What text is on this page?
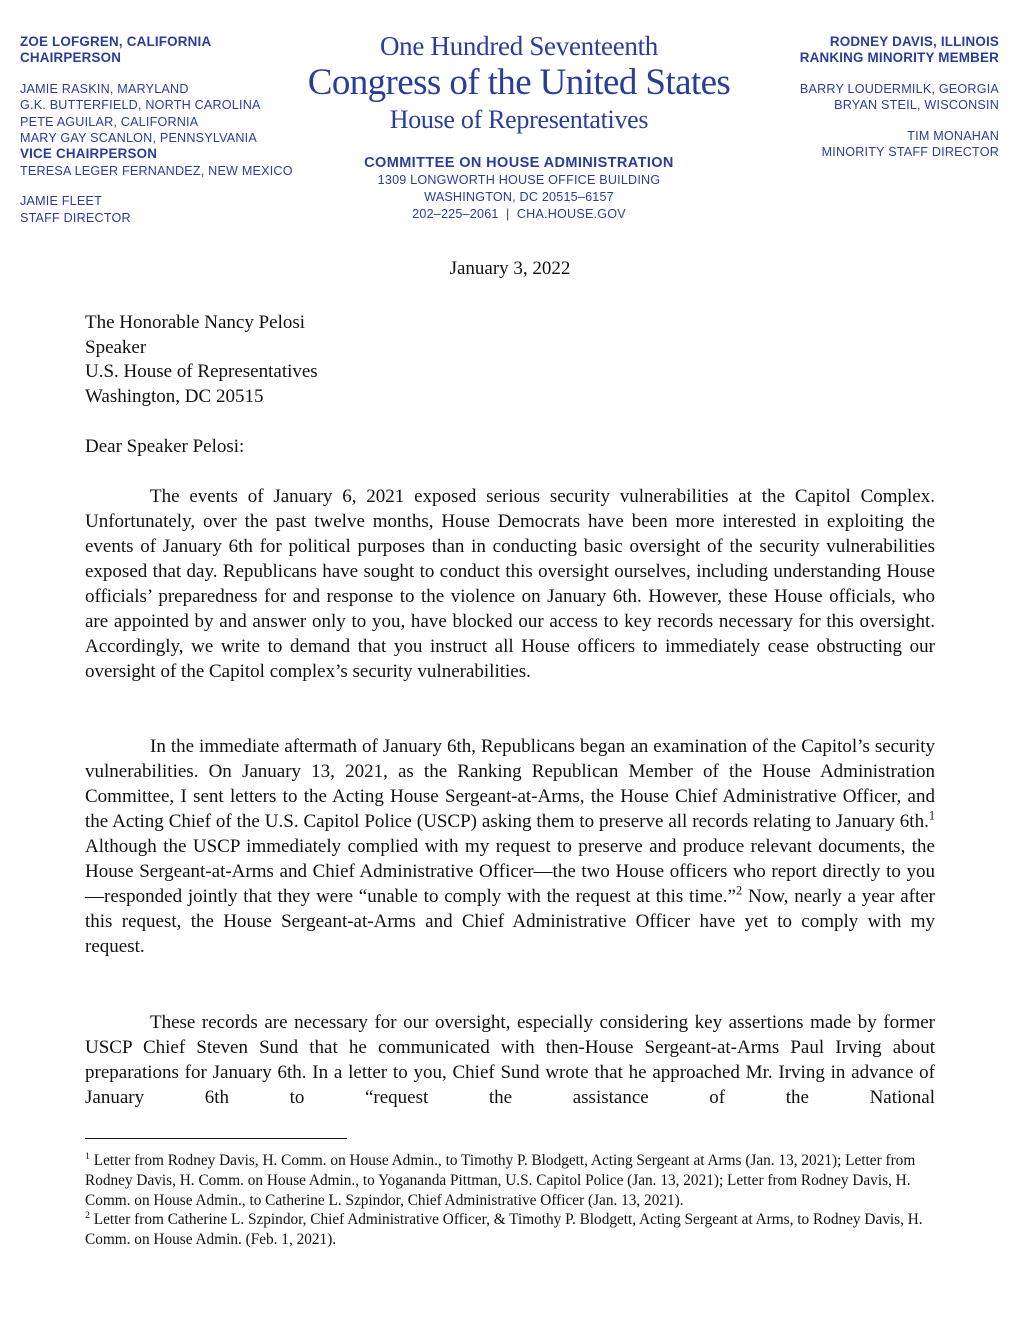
ZOE LOFGREN, CALIFORNIA
CHAIRPERSON
JAMIE RASKIN, MARYLAND
G.K. BUTTERFIELD, NORTH CAROLINA
PETE AGUILAR, CALIFORNIA
MARY GAY SCANLON, PENNSYLVANIA
VICE CHAIRPERSON
TERESA LEGER FERNANDEZ, NEW MEXICO
JAMIE FLEET
STAFF DIRECTOR
One Hundred Seventeenth
Congress of the United States
House of Representatives
COMMITTEE ON HOUSE ADMINISTRATION
1309 LONGWORTH HOUSE OFFICE BUILDING
WASHINGTON, DC 20515–6157
202–225–2061  |  CHA.HOUSE.GOV
RODNEY DAVIS, ILLINOIS
RANKING MINORITY MEMBER
BARRY LOUDERMILK, GEORGIA
BRYAN STEIL, WISCONSIN
TIM MONAHAN
MINORITY STAFF DIRECTOR
January 3, 2022
The Honorable Nancy Pelosi
Speaker
U.S. House of Representatives
Washington, DC 20515
Dear Speaker Pelosi:

The events of January 6, 2021 exposed serious security vulnerabilities at the Capitol Complex. Unfortunately, over the past twelve months, House Democrats have been more interested in exploiting the events of January 6th for political purposes than in conducting basic oversight of the security vulnerabilities exposed that day. Republicans have sought to conduct this oversight ourselves, including understanding House officials’ preparedness for and response to the violence on January 6th. However, these House officials, who are appointed by and answer only to you, have blocked our access to key records necessary for this oversight. Accordingly, we write to demand that you instruct all House officers to immediately cease obstructing our oversight of the Capitol complex’s security vulnerabilities.

In the immediate aftermath of January 6th, Republicans began an examination of the Capitol’s security vulnerabilities. On January 13, 2021, as the Ranking Republican Member of the House Administration Committee, I sent letters to the Acting House Sergeant-at-Arms, the House Chief Administrative Officer, and the Acting Chief of the U.S. Capitol Police (USCP) asking them to preserve all records relating to January 6th.$^1$ Although the USCP immediately complied with my request to preserve and produce relevant documents, the House Sergeant-at-Arms and Chief Administrative Officer—the two House officers who report directly to you—responded jointly that they were “unable to comply with the request at this time.”$^2$ Now, nearly a year after this request, the House Sergeant-at-Arms and Chief Administrative Officer have yet to comply with my request.

These records are necessary for our oversight, especially considering key assertions made by former USCP Chief Steven Sund that he communicated with then-House Sergeant-at-Arms Paul Irving about preparations for January 6th. In a letter to you, Chief Sund wrote that he approached Mr. Irving in advance of January 6th to “request the assistance of the National

$^1$ Letter from Rodney Davis, H. Comm. on House Admin., to Timothy P. Blodgett, Acting Sergeant at Arms (Jan. 13, 2021); Letter from Rodney Davis, H. Comm. on House Admin., to Yogananda Pittman, U.S. Capitol Police (Jan. 13, 2021); Letter from Rodney Davis, H. Comm. on House Admin., to Catherine L. Szpindor, Chief Administrative Officer (Jan. 13, 2021).

$^2$ Letter from Catherine L. Szpindor, Chief Administrative Officer, & Timothy P. Blodgett, Acting Sergeant at Arms, to Rodney Davis, H. Comm. on House Admin. (Feb. 1, 2021).
